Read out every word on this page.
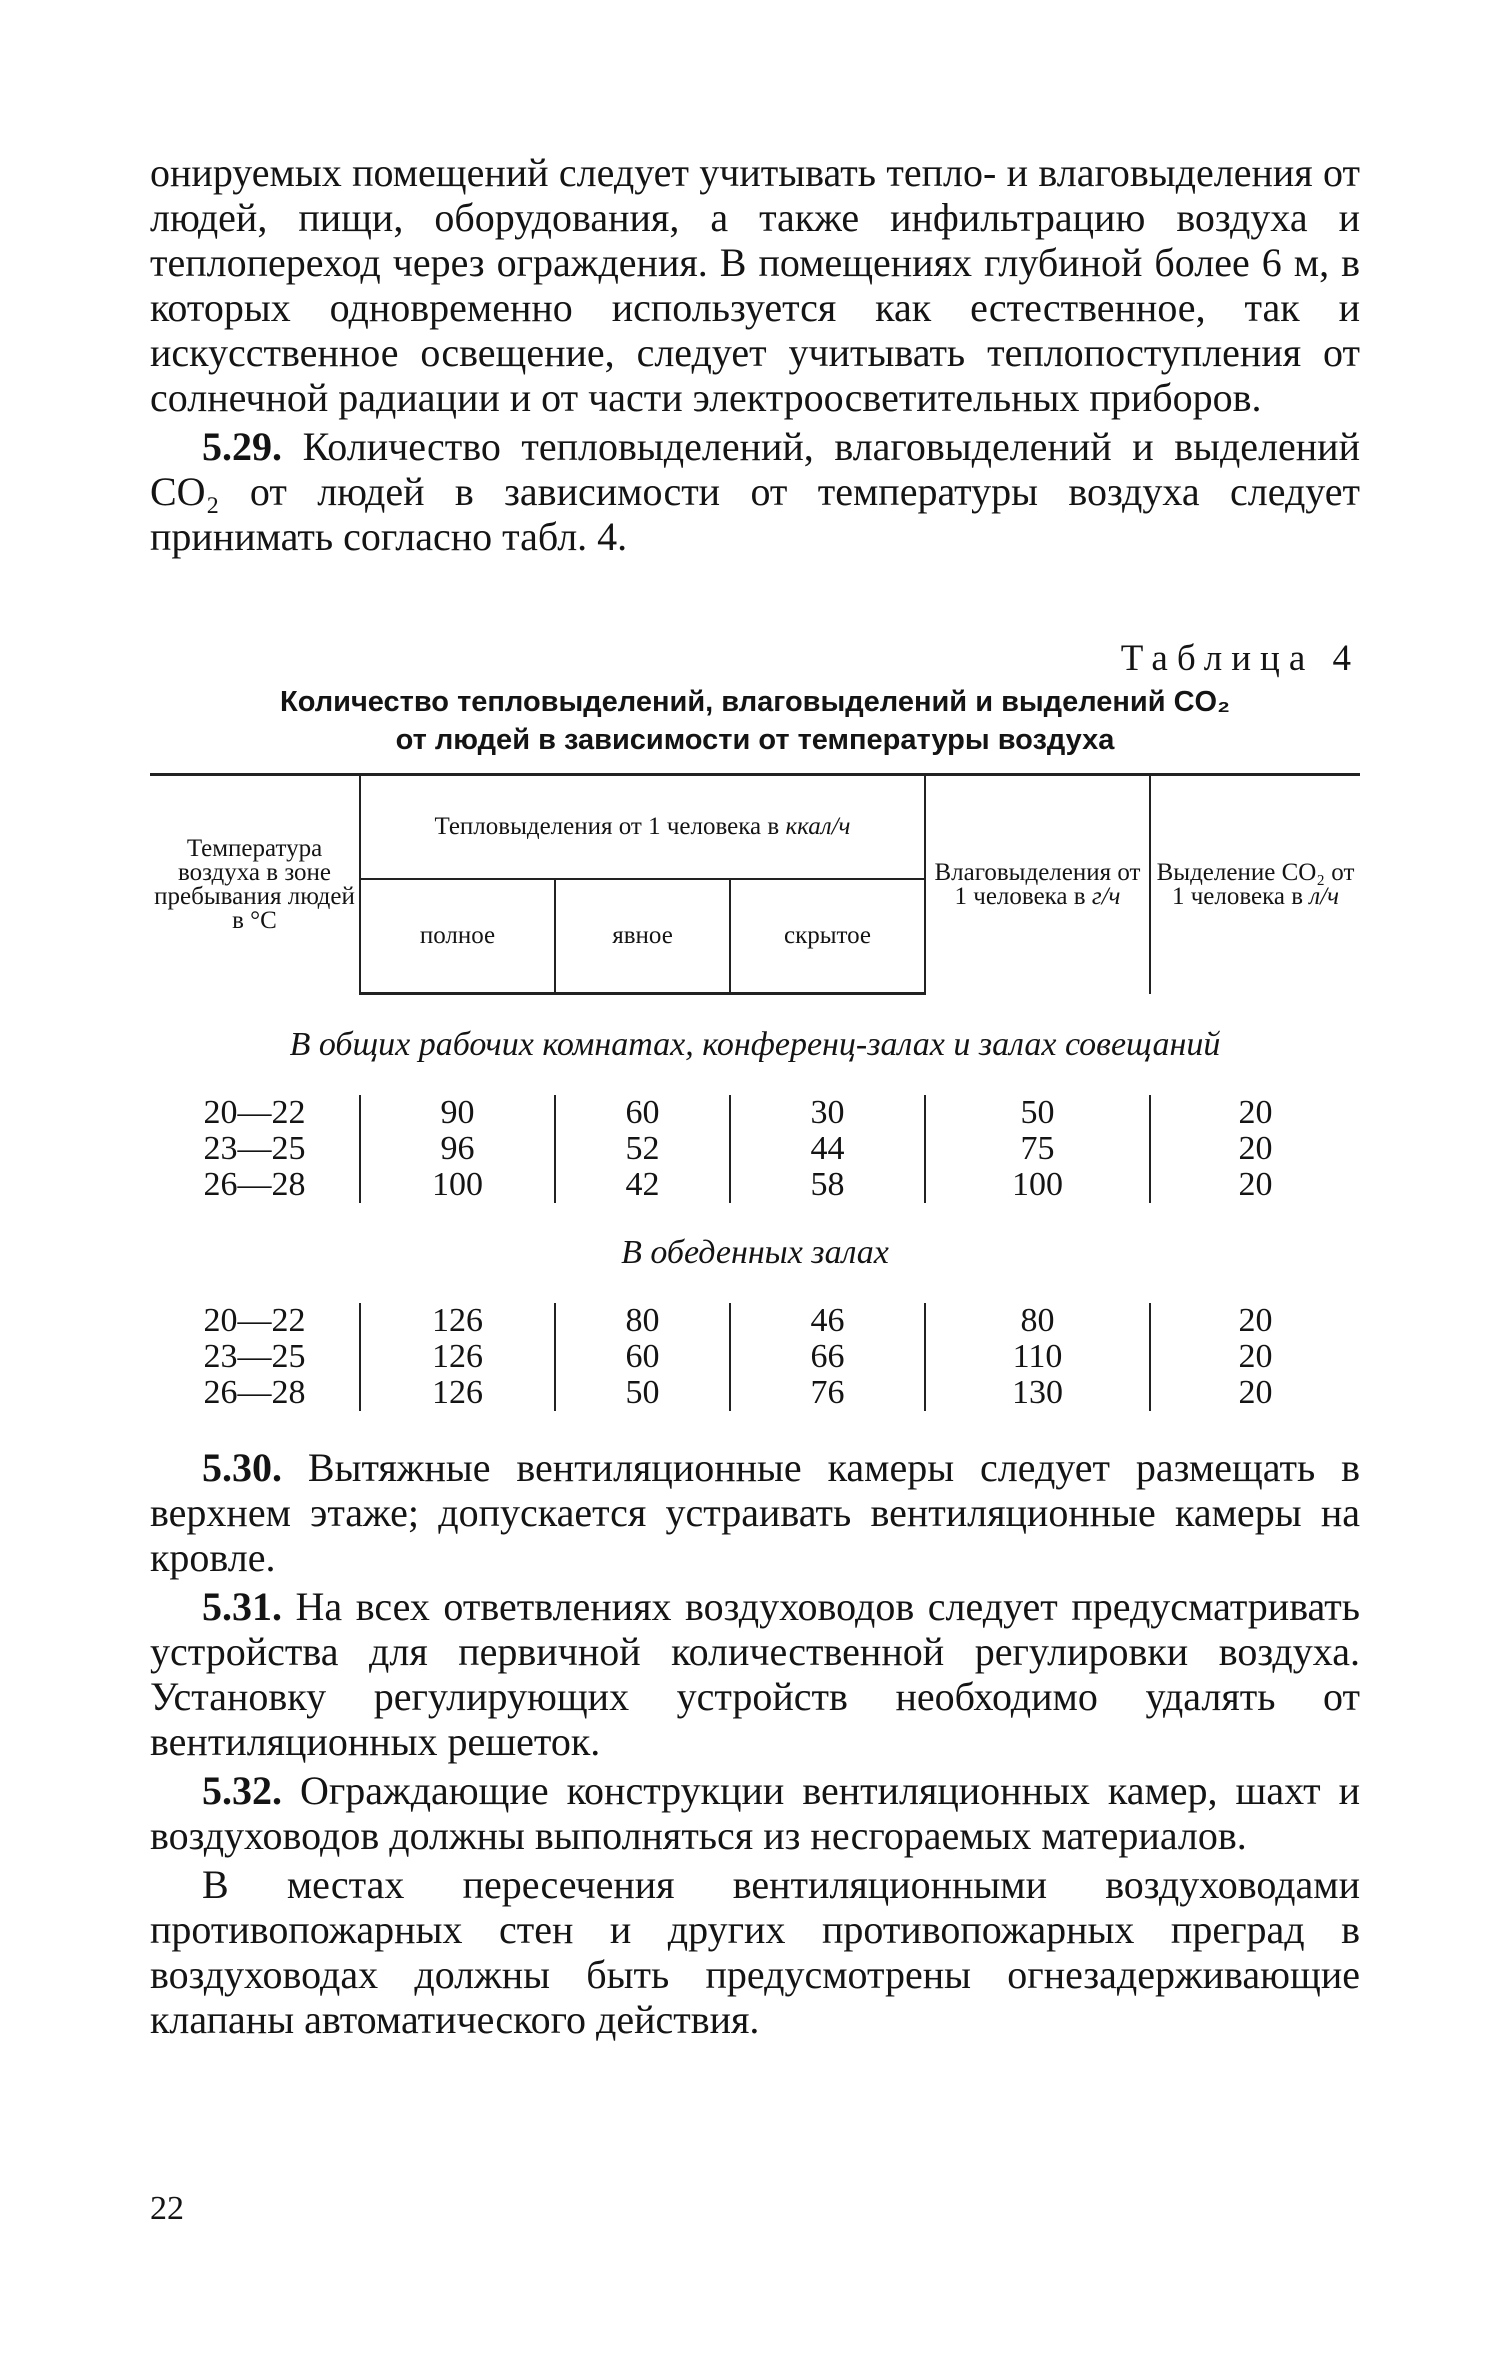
онируемых помещений следует учитывать тепло- и влаговыделения от людей, пищи, оборудования, а также инфильтрацию воздуха и теплопереход через ограждения. В помещениях глубиной более 6 м, в которых одновременно используется как естественное, так и искусственное освещение, следует учитывать теплопоступления от солнечной радиации и от части электроосветительных приборов.

5.29. Количество тепловыделений, влаговыделений и выделений CO₂ от людей в зависимости от температуры воздуха следует принимать согласно табл. 4.

Таблица 4
Количество тепловыделений, влаговыделений и выделений CO₂
от людей в зависимости от температуры воздуха
Температура воздуха в зоне пребывания людей в °С	Тепловыделения от 1 человека в ккал/ч			Влаговыделения от 1 человека в г/ч	Выделение CO₂ от 1 человека в л/ч
	полное	явное	скрытое		
В общих рабочих комнатах, конференц-залах и залах совещаний					
20—22	90	60	30	50	20
23—25	96	52	44	75	20
26—28	100	42	58	100	20
В обеденных залах					
20—22	126	80	46	80	20
23—25	126	60	66	110	20
26—28	126	50	76	130	20

5.30. Вытяжные вентиляционные камеры следует размещать в верхнем этаже; допускается устраивать вентиляционные камеры на кровле.

5.31. На всех ответвлениях воздуховодов следует предусматривать устройства для первичной количественной регулировки воздуха. Установку регулирующих устройств необходимо удалять от вентиляционных решеток.

5.32. Ограждающие конструкции вентиляционных камер, шахт и воздуховодов должны выполняться из несгораемых материалов.

В местах пересечения вентиляционными воздуховодами противопожарных стен и других противопожарных преград в воздуховодах должны быть предусмотрены огнезадерживающие клапаны автоматического действия.

22
